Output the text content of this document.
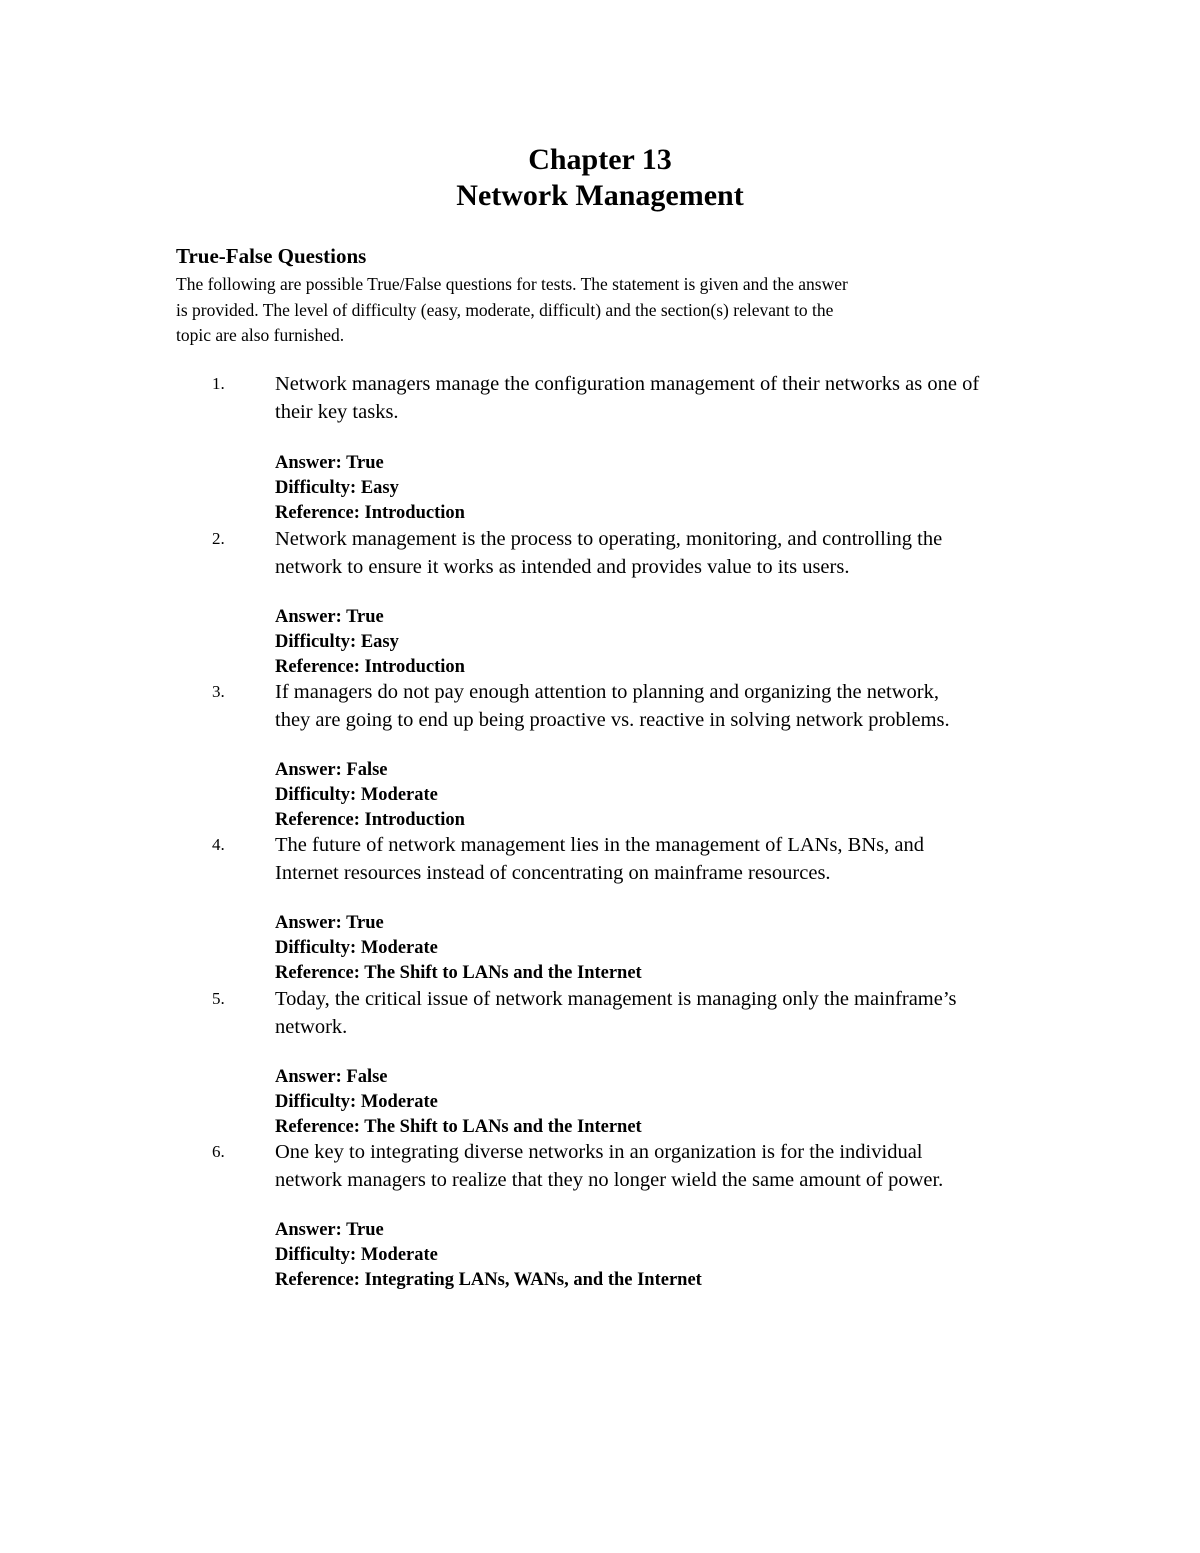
Chapter 13
Network Management
True-False Questions
The following are possible True/False questions for tests. The statement is given and the answer
is provided. The level of difficulty (easy, moderate, difficult) and the section(s) relevant to the
topic are also furnished.
1. Network managers manage the configuration management of their networks as one of
their key tasks.
Answer: True
Difficulty: Easy
Reference: Introduction
2. Network management is the process to operating, monitoring, and controlling the
network to ensure it works as intended and provides value to its users.
Answer: True
Difficulty: Easy
Reference: Introduction
3. If managers do not pay enough attention to planning and organizing the network,
they are going to end up being proactive vs. reactive in solving network problems.
Answer: False
Difficulty: Moderate
Reference: Introduction
4. The future of network management lies in the management of LANs, BNs, and
Internet resources instead of concentrating on mainframe resources.
Answer: True
Difficulty: Moderate
Reference: The Shift to LANs and the Internet
5. Today, the critical issue of network management is managing only the mainframe’s
network.
Answer: False
Difficulty: Moderate
Reference: The Shift to LANs and the Internet
6. One key to integrating diverse networks in an organization is for the individual
network managers to realize that they no longer wield the same amount of power.
Answer: True
Difficulty: Moderate
Reference: Integrating LANs, WANs, and the Internet
